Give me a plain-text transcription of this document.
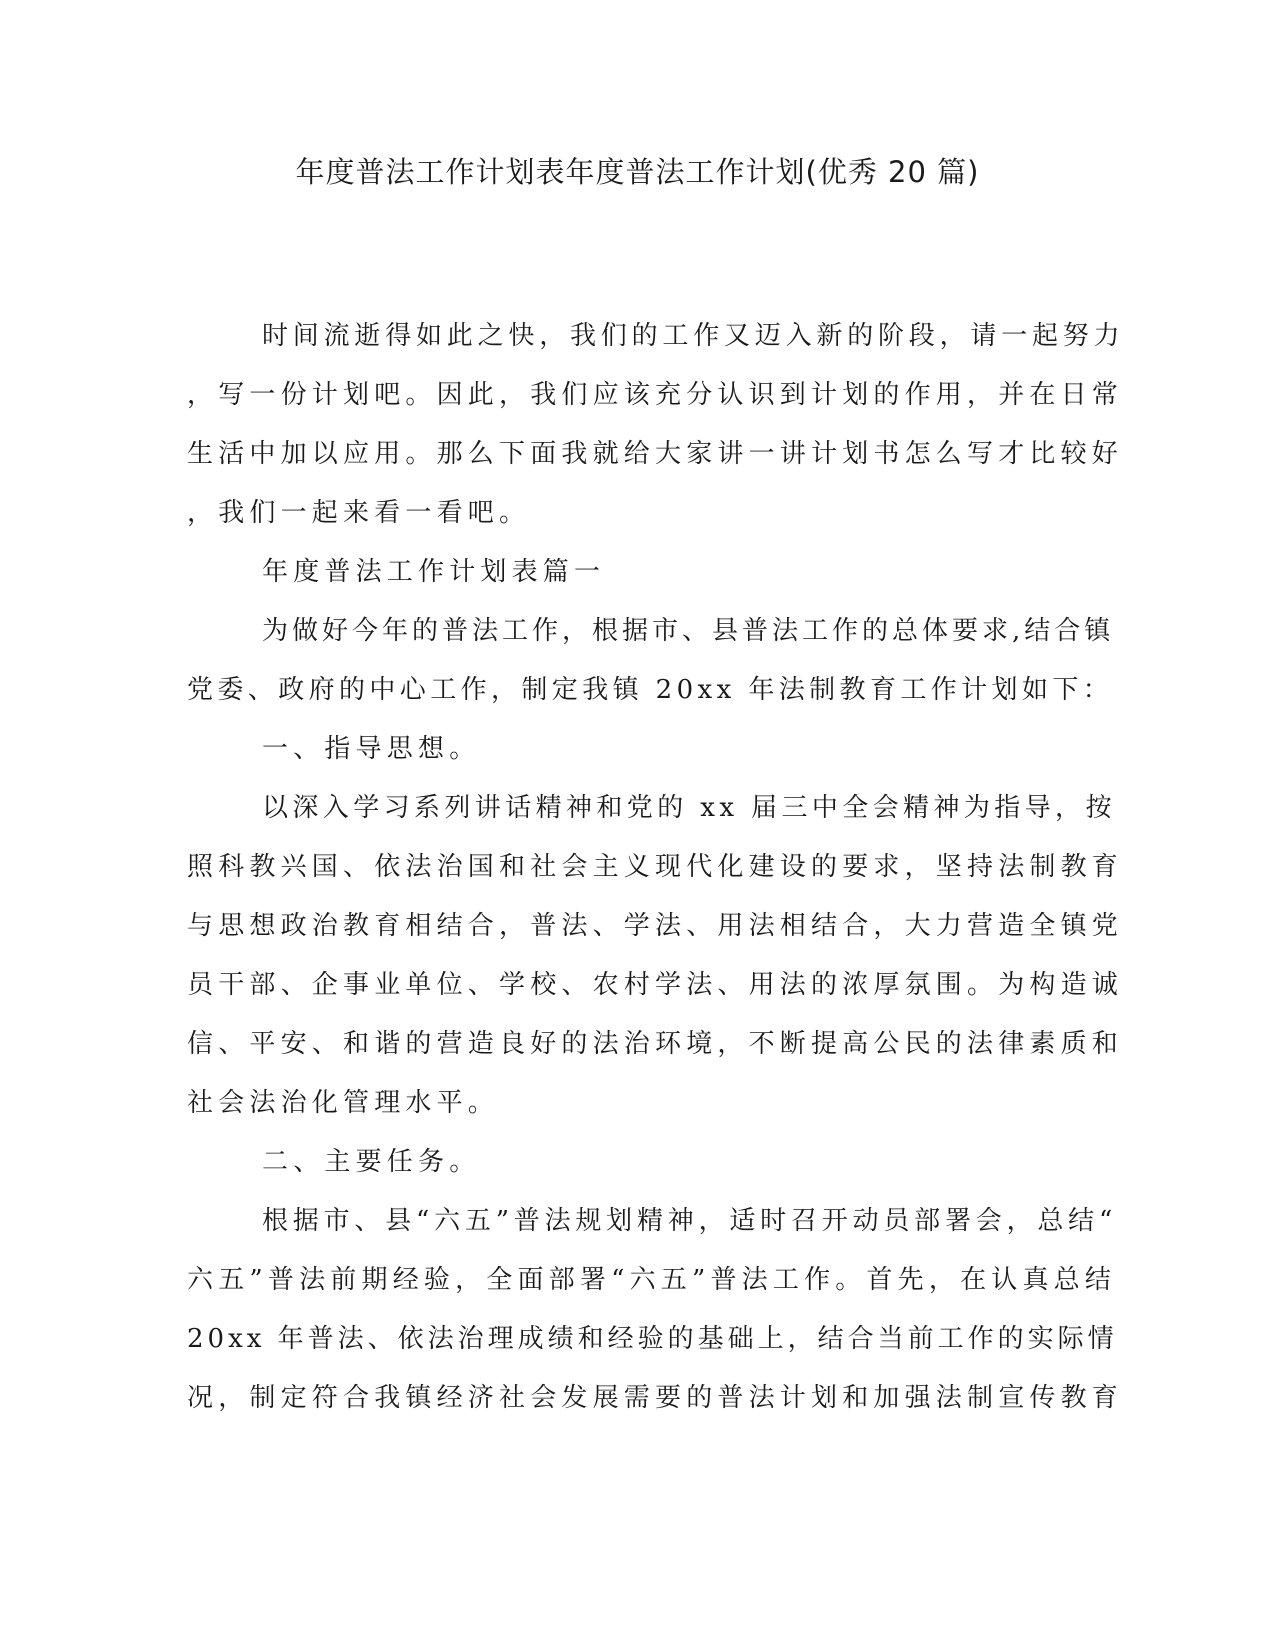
年度普法工作计划表年度普法工作计划(优秀 20 篇)
时间流逝得如此之快，我们的工作又迈入新的阶段，请一起努力
，写一份计划吧。因此，我们应该充分认识到计划的作用，并在日常
生活中加以应用。那么下面我就给大家讲一讲计划书怎么写才比较好
，我们一起来看一看吧。
年度普法工作计划表篇一
为做好今年的普法工作，根据市、县普法工作的总体要求,结合镇
党委、政府的中心工作，制定我镇 20xx 年法制教育工作计划如下：
一、指导思想。
以深入学习系列讲话精神和党的 xx 届三中全会精神为指导，按
照科教兴国、依法治国和社会主义现代化建设的要求，坚持法制教育
与思想政治教育相结合，普法、学法、用法相结合，大力营造全镇党
员干部、企事业单位、学校、农村学法、用法的浓厚氛围。为构造诚
信、平安、和谐的营造良好的法治环境，不断提高公民的法律素质和
社会法治化管理水平。
二、主要任务。
根据市、县“六五”普法规划精神，适时召开动员部署会，总结“
六五”普法前期经验，全面部署“六五”普法工作。首先，在认真总结
20xx 年普法、依法治理成绩和经验的基础上，结合当前工作的实际情
况，制定符合我镇经济社会发展需要的普法计划和加强法制宣传教育
